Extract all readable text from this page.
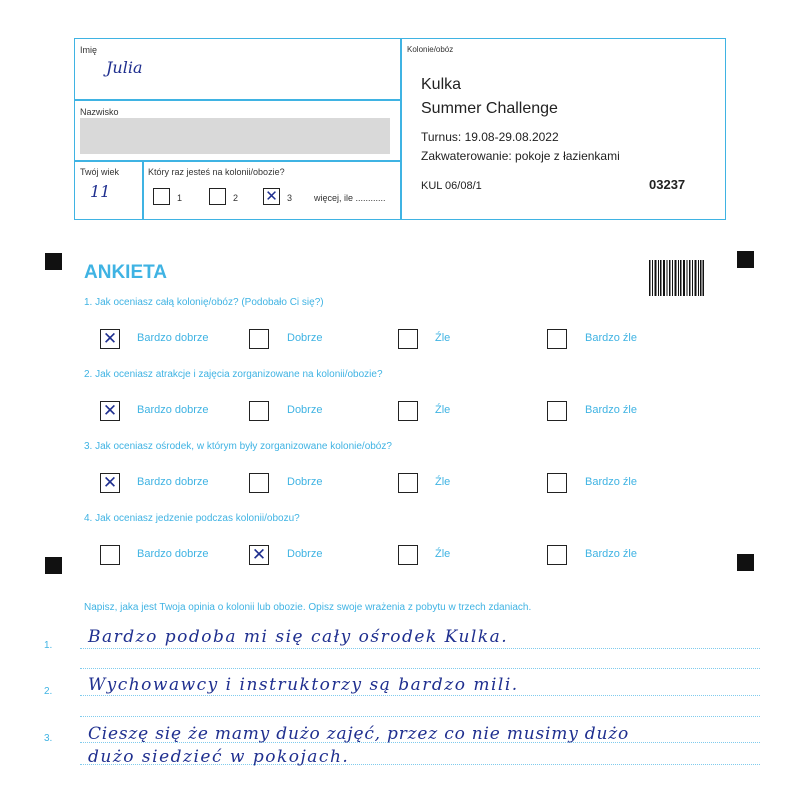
Imię
Julia
Nazwisko
Twój wiek
11
Który raz jesteś na kolonii/obozie?
1	2 ✕ 3 więcej, ile ............
Kolonie/obóz
Kulka
Summer Challenge
Turnus: 19.08-29.08.2022
Zakwaterowanie: pokoje z łazienkami
KUL 06/08/1	03237
ANKIETA
1. Jak oceniasz całą kolonię/obóz? (Podobało Ci się?)
✕ Bardzo dobrze	Dobrze	Źle	Bardzo źle
2. Jak oceniasz atrakcje i zajęcia zorganizowane na kolonii/obozie?
✕ Bardzo dobrze	Dobrze	Źle	Bardzo źle
3. Jak oceniasz ośrodek, w którym były zorganizowane kolonie/obóz?
✕ Bardzo dobrze	Dobrze	Źle	Bardzo źle
4. Jak oceniasz jedzenie podczas kolonii/obozu?
Bardzo dobrze	✕ Dobrze	Źle	Bardzo źle
Napisz, jaka jest Twoja opinia o kolonii lub obozie. Opisz swoje wrażenia z pobytu w trzech zdaniach.
1.
2.
3.
Bardzo podoba mi się cały ośrodek Kulka.
Wychowawcy i instruktorzy są bardzo mili.
Cieszę się że mamy dużo zajęć, przez co nie musimy dużo
dużo siedzieć w pokojach.
